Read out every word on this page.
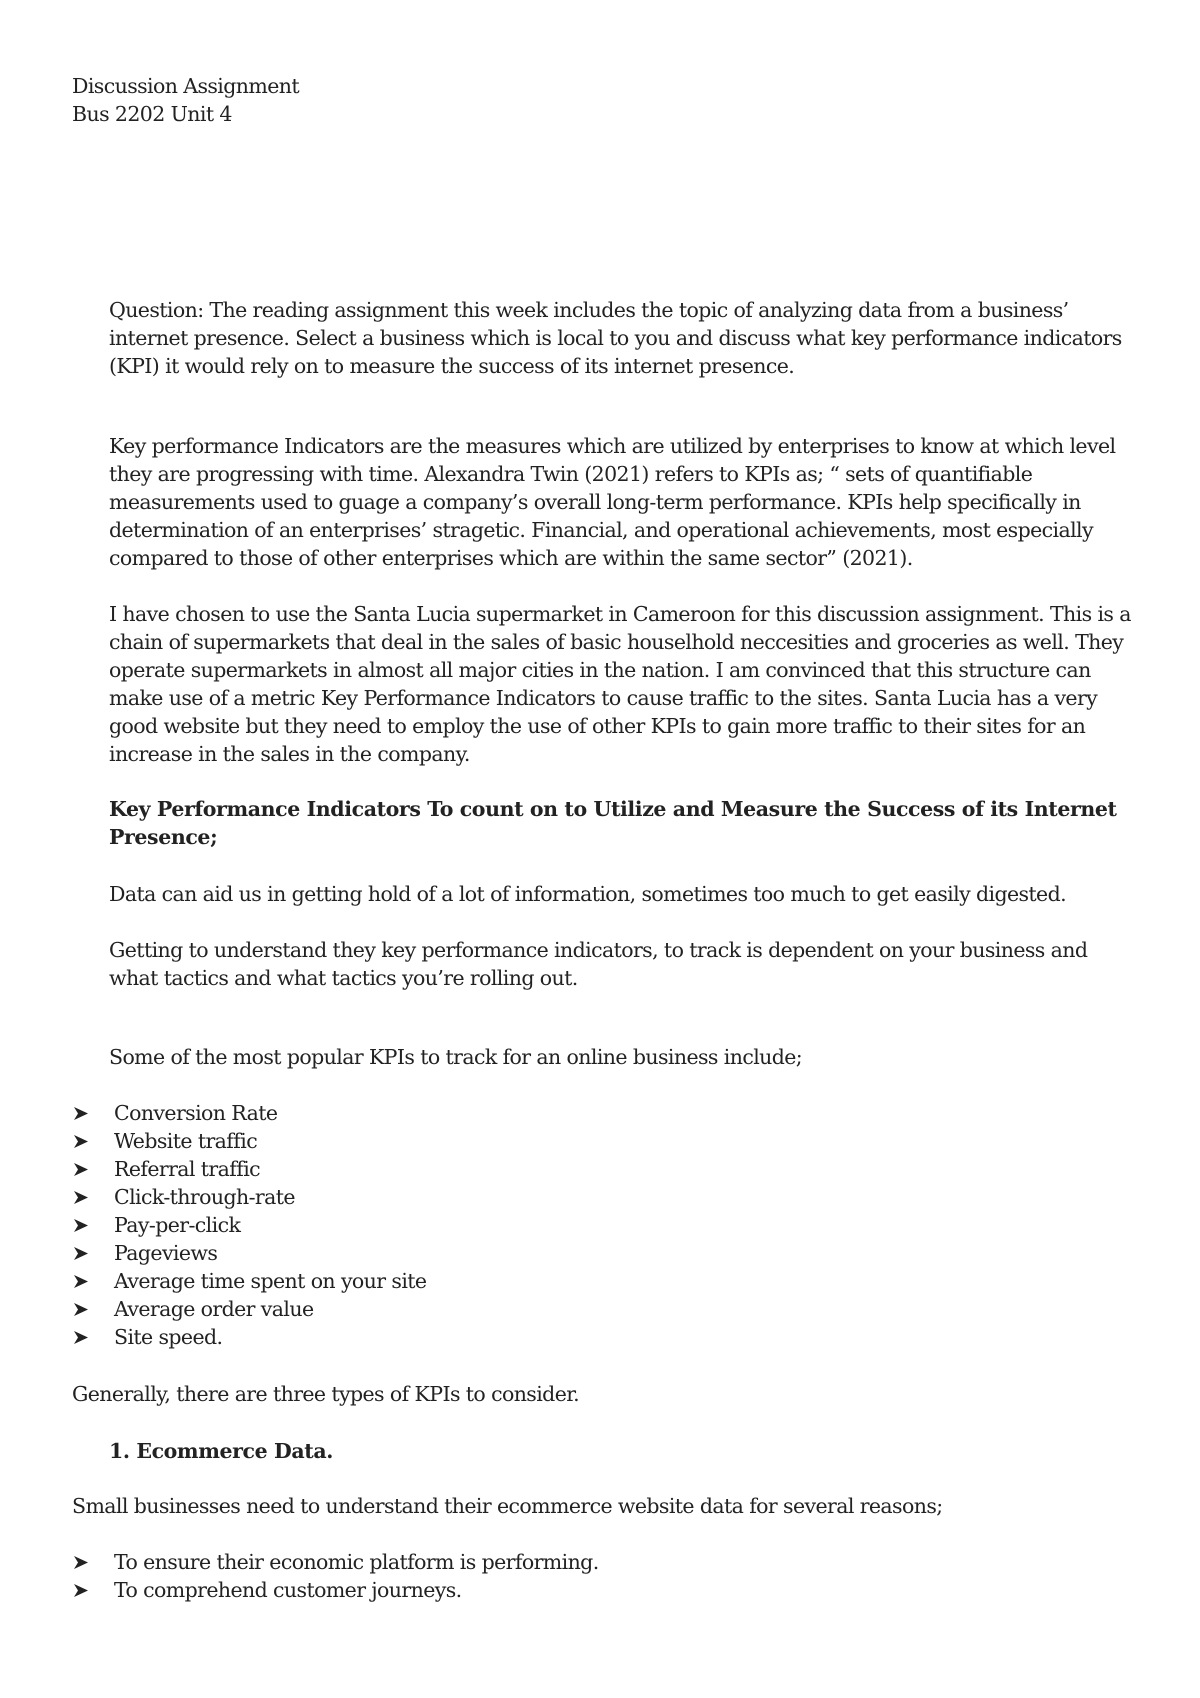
Discussion Assignment
Bus 2202 Unit 4

Question: The reading assignment this week includes the topic of analyzing data from a business’ internet presence. Select a business which is local to you and discuss what key performance indicators (KPI) it would rely on to measure the success of its internet presence.

Key performance Indicators are the measures which are utilized by enterprises to know at which level they are progressing with time. Alexandra Twin (2021) refers to KPIs as; “ sets of quantifiable measurements used to guage a company’s overall long-term performance. KPIs help specifically in determination of an enterprises’ stragetic. Financial, and operational achievements, most especially compared to those of other enterprises which are within the same sector” (2021).

I have chosen to use the Santa Lucia supermarket in Cameroon for this discussion assignment. This is a chain of supermarkets that deal in the sales of basic houselhold neccesities and groceries as well. They operate supermarkets in almost all major cities in the nation. I am convinced that this structure can make use of a metric Key Performance Indicators to cause traffic to the sites. Santa Lucia has a very good website but they need to employ the use of other KPIs to gain more traffic to their sites for an increase in the sales in the company.

Key Performance Indicators To count on to Utilize and Measure the Success of its Internet Presence;

Data can aid us in getting hold of a lot of information, sometimes too much to get easily digested.

Getting to understand they key performance indicators, to track is dependent on your business and what tactics and what tactics you’re rolling out.

Some of the most popular KPIs to track for an online business include;

Conversion Rate
Website traffic
Referral traffic
Click-through-rate
Pay-per-click
Pageviews
Average time spent on your site
Average order value
Site speed.

Generally, there are three types of KPIs to consider.

1. Ecommerce Data.

Small businesses need to understand their ecommerce website data for several reasons;

To ensure their economic platform is performing.
To comprehend customer journeys.
